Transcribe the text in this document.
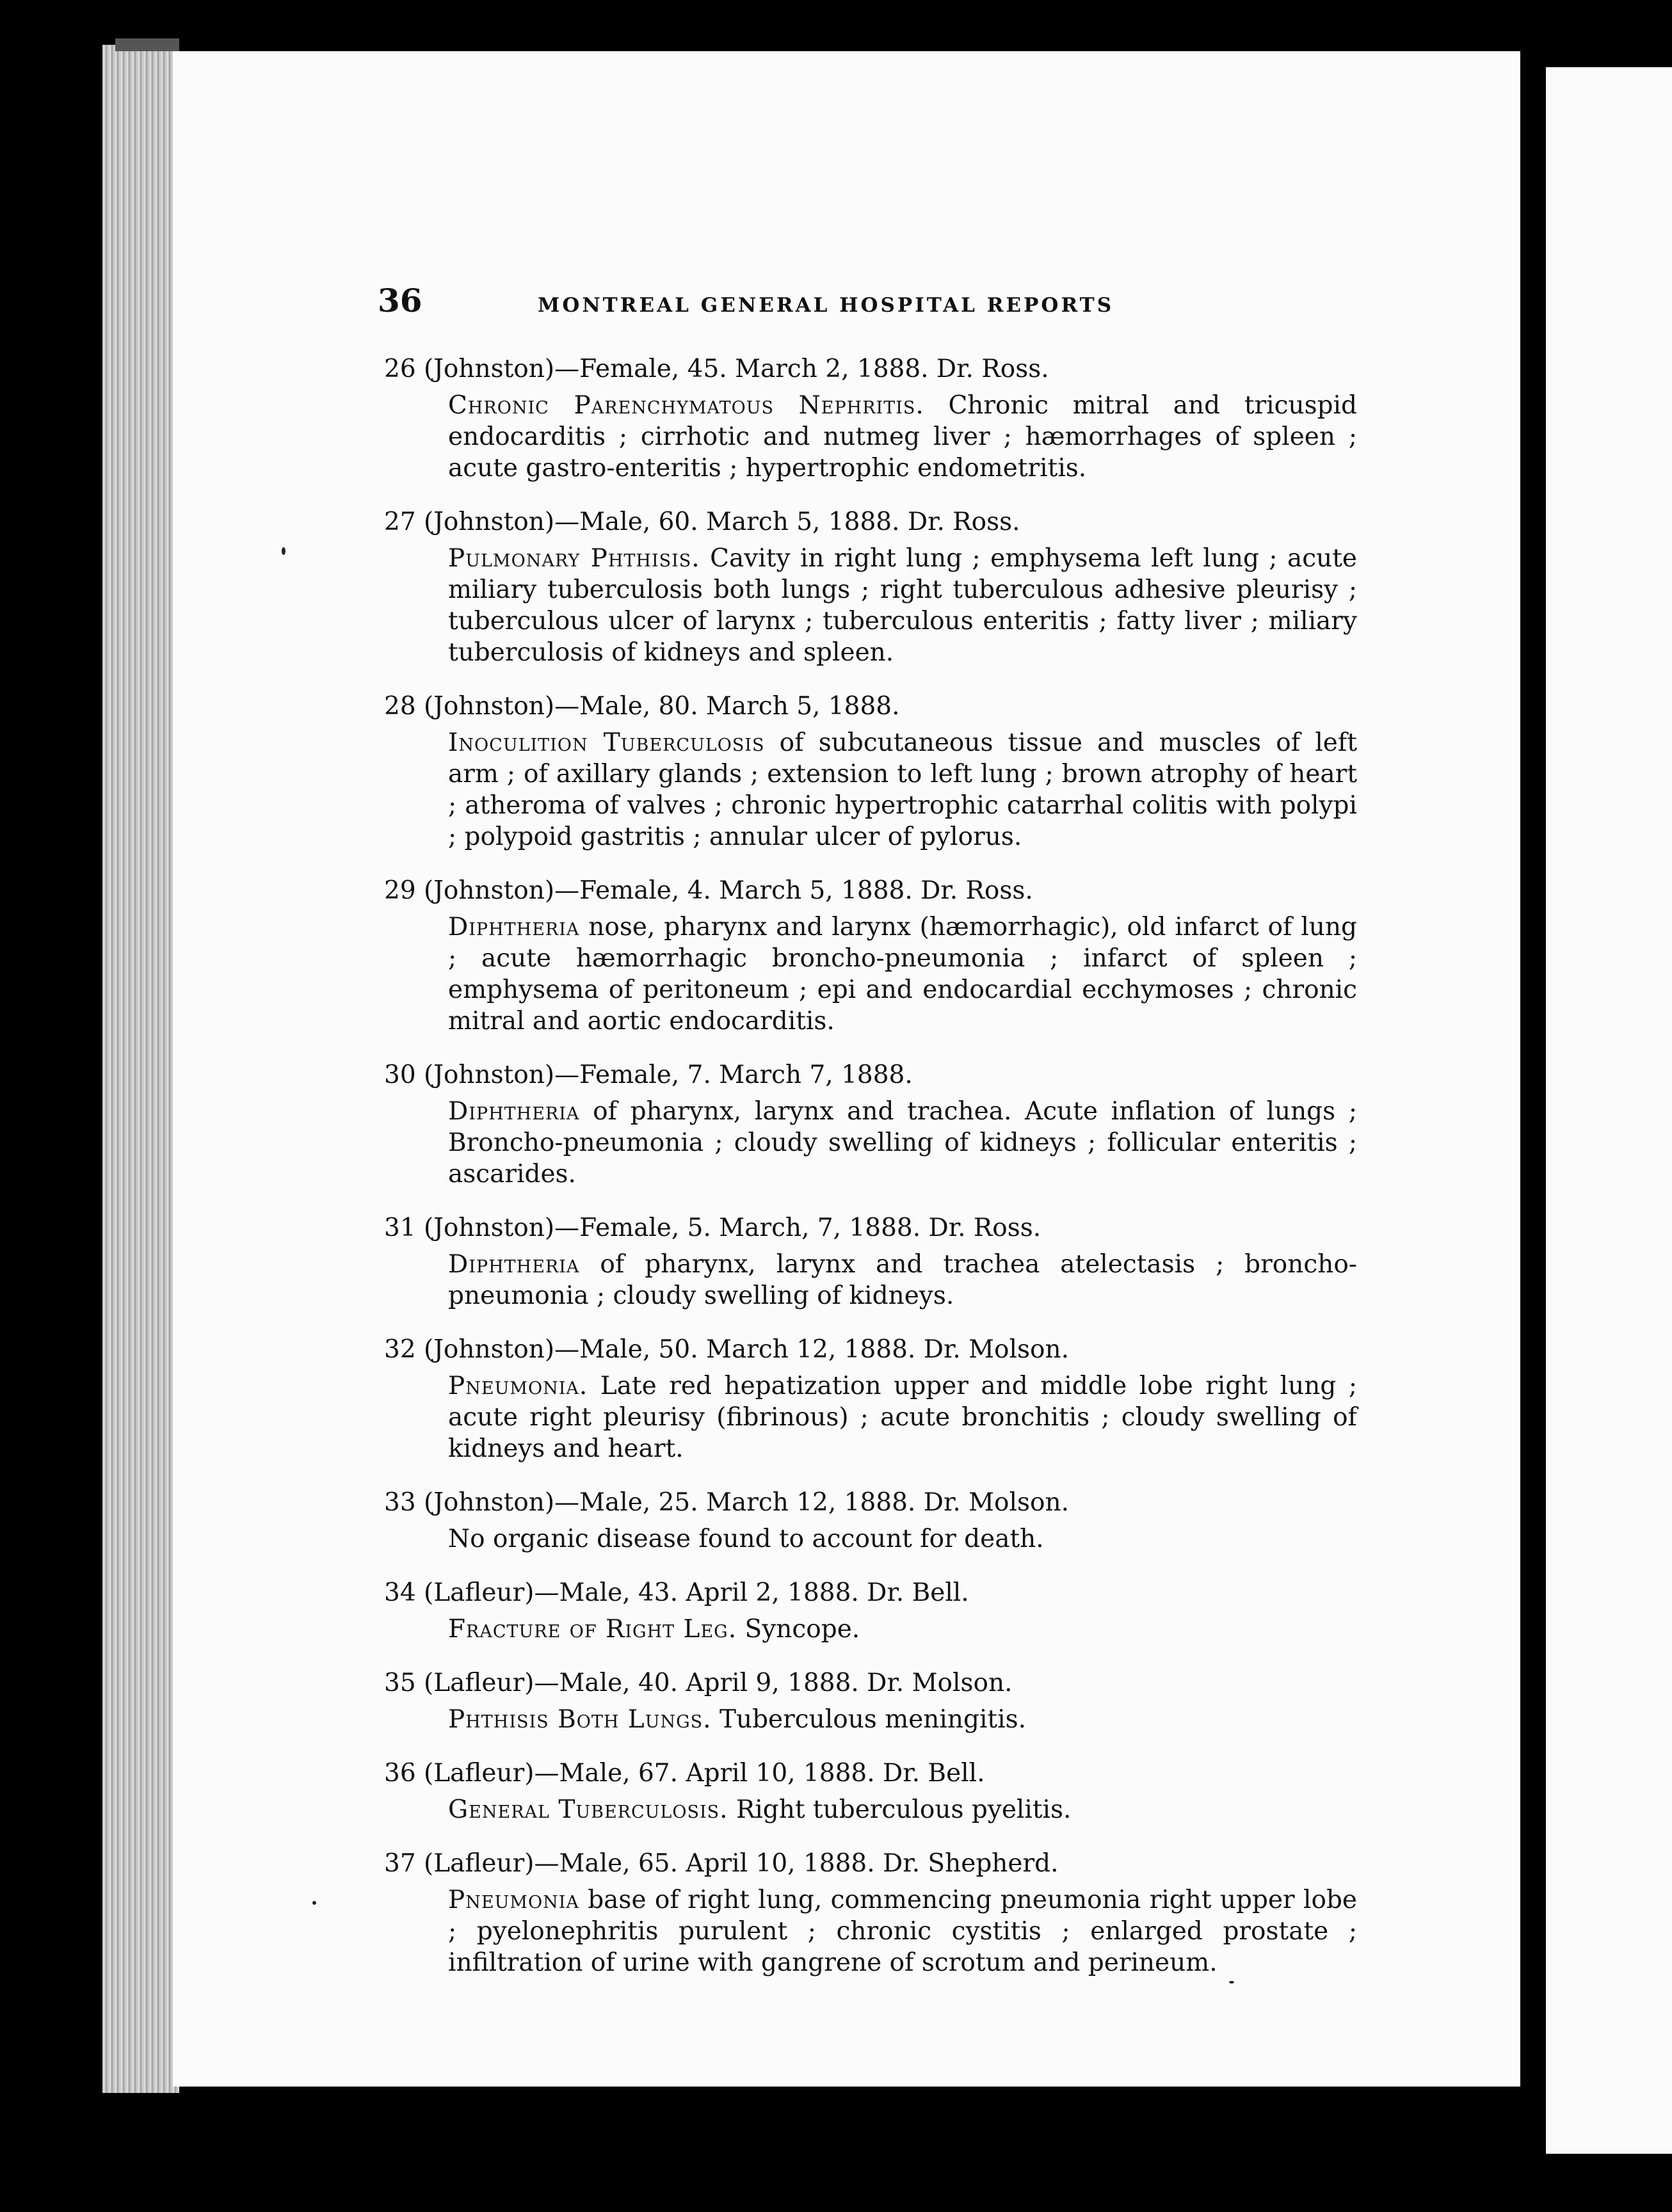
36	MONTREAL GENERAL HOSPITAL REPORTS
26 (Johnston)—Female, 45. March 2, 1888. Dr. Ross.
Chronic Parenchymatous Nephritis. Chronic mitral and tricuspid endocarditis ; cirrhotic and nutmeg liver ; hæmorrhages of spleen ; acute gastro-enteritis ; hypertrophic endometritis.
27 (Johnston)—Male, 60. March 5, 1888. Dr. Ross.
Pulmonary Phthisis. Cavity in right lung ; emphysema left lung ; acute miliary tuberculosis both lungs ; right tuberculous adhesive pleurisy ; tuberculous ulcer of larynx ; tuberculous enteritis ; fatty liver ; miliary tuberculosis of kidneys and spleen.
28 (Johnston)—Male, 80. March 5, 1888.
Inoculition Tuberculosis of subcutaneous tissue and muscles of left arm ; of axillary glands ; extension to left lung ; brown atrophy of heart ; atheroma of valves ; chronic hypertrophic catarrhal colitis with polypi ; polypoid gastritis ; annular ulcer of pylorus.
29 (Johnston)—Female, 4. March 5, 1888. Dr. Ross.
Diphtheria nose, pharynx and larynx (hæmorrhagic), old infarct of lung ; acute hæmorrhagic broncho-pneumonia ; infarct of spleen ; emphysema of peritoneum ; epi and endocardial ecchymoses ; chronic mitral and aortic endocarditis.
30 (Johnston)—Female, 7. March 7, 1888.
Diphtheria of pharynx, larynx and trachea. Acute inflation of lungs ; Broncho-pneumonia ; cloudy swelling of kidneys ; follicular enteritis ; ascarides.
31 (Johnston)—Female, 5. March, 7, 1888. Dr. Ross.
Diphtheria of pharynx, larynx and trachea atelectasis ; broncho-pneumonia ; cloudy swelling of kidneys.
32 (Johnston)—Male, 50. March 12, 1888. Dr. Molson.
Pneumonia. Late red hepatization upper and middle lobe right lung ; acute right pleurisy (fibrinous) ; acute bronchitis ; cloudy swelling of kidneys and heart.
33 (Johnston)—Male, 25. March 12, 1888. Dr. Molson.
No organic disease found to account for death.
34 (Lafleur)—Male, 43. April 2, 1888. Dr. Bell.
Fracture of Right Leg. Syncope.
35 (Lafleur)—Male, 40. April 9, 1888. Dr. Molson.
Phthisis Both Lungs. Tuberculous meningitis.
36 (Lafleur)—Male, 67. April 10, 1888. Dr. Bell.
General Tuberculosis. Right tuberculous pyelitis.
37 (Lafleur)—Male, 65. April 10, 1888. Dr. Shepherd.
Pneumonia base of right lung, commencing pneumonia right upper lobe ; pyelonephritis purulent ; chronic cystitis ; enlarged prostate ; infiltration of urine with gangrene of scrotum and perineum.
